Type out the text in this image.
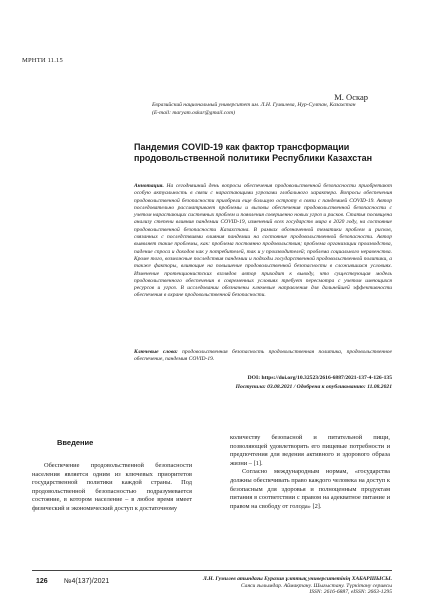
МРНТИ 11.15
М. Оскар
Евразийский национальный университет им. Л.Н. Гумилева, Нур-Султан, Казахстан
(E-mail: maryam.oskar@gmail.com)
Пандемия COVID-19 как фактор трансформации продовольственной политики Республики Казахстан
Аннотация. На сегодняшний день вопросы обеспечения продовольственной безопасности приобретают особую актуальность в связи с нарастающими угрозами глобального характера. Вопросы обеспечения продовольственной безопасности приобрели еще большую остроту в связи с пандемией COVID-19. Автор последовательно рассматривает проблемы и вызовы обеспечения продовольственной безопасности с учетом нарастающих системных проблем и появления совершенно новых угроз и рисков. Статья посвящена анализу степени влияния пандемии COVID-19, изменений всех государств мира в 2020 году, на состояние продовольственной безопасности Казахстана. В рамках обозначенной тематики проблем и рисков, связанных с последствиями влияния пандемии на состояние продовольственной безопасности. Автор выявляет такие проблемы, как: проблема постоянно продовольствия; проблема организации производства, падение спроса и доходов как у потребителей, так и у производителей; проблема социального неравенства. Кроме того, возможные последствия пандемии и подходы государственной продовольственной политики, а также факторы, влияющие на повышение продовольственной безопасности в сложившихся условиях. Изменение протекционистских взглядов автор приходит к выводу, что существующая модель продовольственного обеспечения в современных условиях требует пересмотра с учетом имеющихся ресурсов и угроз. В исследовании обозначены ключевые направления для дальнейшей эффективности обеспечения в охране продовольственной безопасности.
Ключевые слова: продовольственная безопасность продовольственная политика, продовольственное обеспечение, пандемия COVID-19.
DOI: https://doi.org/10.32523/2616-6887/2021-137-4-126-135
Поступила: 03.08.2021 / Одобрена к опубликованию: 11.08.2021
Введение

Обеспечение продовольственной безопасности населения является одним из ключевых приоритетов государственной политики каждой страны. Под продовольственной безопасностью подразумевается состояние, в котором население – в любое время имеет физический и экономический доступ к достаточному

количеству безопасной и питательной пищи, позволяющей удовлетворять его пищевые потребности и предпочтения для ведения активного и здорового образа жизни – [1].

Согласно международным нормам, «государства должны обеспечивать право каждого человека на доступ к безопасным для здоровья и полноценным продуктам питания в соответствии с правом на адекватное питание и правом на свободу от голода» [2].

126 №4(137)/2021	Л.Н. Гумилев атындағы Еуразия ұлттық университетінің ХАБАРШЫСЫ.
Саяси ғылымдар. Аймақтану. Шығыстану. Түркітану сериясы
ISSN: 2616-6887, eISSN: 2663-1295
